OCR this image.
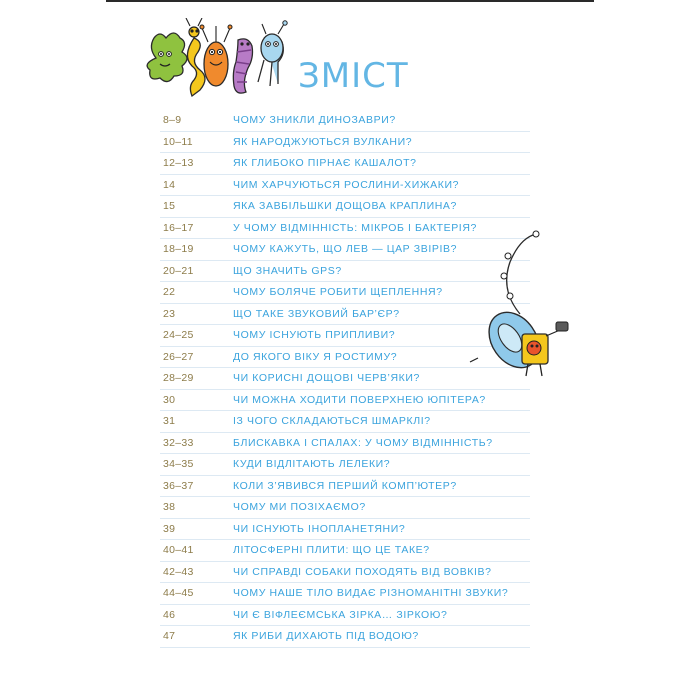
ЗМІСТ
8–9	ЧОМУ ЗНИКЛИ ДИНОЗАВРИ?
10–11	ЯК НАРОДЖУЮТЬСЯ ВУЛКАНИ?
12–13	ЯК ГЛИБОКО ПІРНАЄ КАШАЛОТ?
14	ЧИМ ХАРЧУЮТЬСЯ РОСЛИНИ-ХИЖАКИ?
15	ЯКА ЗАВБІЛЬШКИ ДОЩОВА КРАПЛИНА?
16–17	У ЧОМУ ВІДМІННІСТЬ: МІКРОБ І БАКТЕРІЯ?
18–19	ЧОМУ КАЖУТЬ, ЩО ЛЕВ — ЦАР ЗВІРІВ?
20–21	ЩО ЗНАЧИТЬ GPS?
22	ЧОМУ БОЛЯЧЕ РОБИТИ ЩЕПЛЕННЯ?
23	ЩО ТАКЕ ЗВУКОВИЙ БАР’ЄР?
24–25	ЧОМУ ІСНУЮТЬ ПРИПЛИВИ?
26–27	ДО ЯКОГО ВІКУ Я РОСТИМУ?
28–29	ЧИ КОРИСНІ ДОЩОВІ ЧЕРВ’ЯКИ?
30	ЧИ МОЖНА ХОДИТИ ПОВЕРХНЕЮ ЮПІТЕРА?
31	ІЗ ЧОГО СКЛАДАЮТЬСЯ ШМАРКЛІ?
32–33	БЛИСКАВКА І СПАЛАХ: У ЧОМУ ВІДМІННІСТЬ?
34–35	КУДИ ВІДЛІТАЮТЬ ЛЕЛЕКИ?
36–37	КОЛИ З’ЯВИВСЯ ПЕРШИЙ КОМП’ЮТЕР?
38	ЧОМУ МИ ПОЗІХАЄМО?
39	ЧИ ІСНУЮТЬ ІНОПЛАНЕТЯНИ?
40–41	ЛІТОСФЕРНІ ПЛИТИ: ЩО ЦЕ ТАКЕ?
42–43	ЧИ СПРАВДІ СОБАКИ ПОХОДЯТЬ ВІД ВОВКІВ?
44–45	ЧОМУ НАШЕ ТІЛО ВИДАЄ РІЗНОМАНІТНІ ЗВУКИ?
46	ЧИ Є ВІФЛЕЄМСЬКА ЗІРКА… ЗІРКОЮ?
47	ЯК РИБИ ДИХАЮТЬ ПІД ВОДОЮ?
